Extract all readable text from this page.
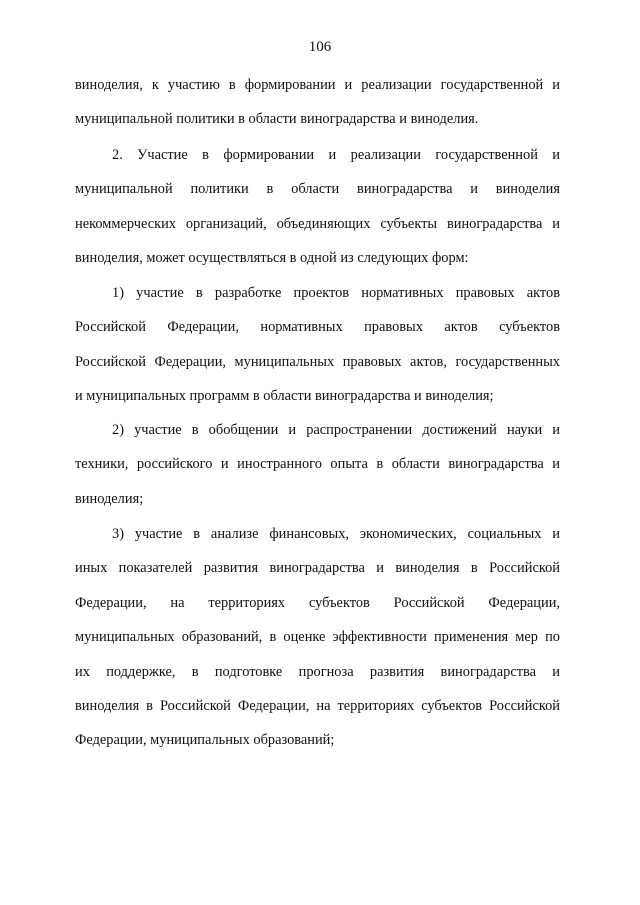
106
виноделия, к участию в формировании и реализации государственной и
муниципальной политики в области виноградарства и виноделия.
2. Участие в формировании и реализации государственной и
муниципальной политики в области виноградарства и виноделия
некоммерческих организаций, объединяющих субъекты виноградарства и
виноделия, может осуществляться в одной из следующих форм:
1) участие в разработке проектов нормативных правовых актов
Российской Федерации, нормативных правовых актов субъектов
Российской Федерации, муниципальных правовых актов, государственных
и муниципальных программ в области виноградарства и виноделия;
2) участие в обобщении и распространении достижений науки и
техники, российского и иностранного опыта в области виноградарства и
виноделия;
3) участие в анализе финансовых, экономических, социальных и
иных показателей развития виноградарства и виноделия в Российской
Федерации, на территориях субъектов Российской Федерации,
муниципальных образований, в оценке эффективности применения мер по
их поддержке, в подготовке прогноза развития виноградарства и
виноделия в Российской Федерации, на территориях субъектов Российской
Федерации, муниципальных образований;
